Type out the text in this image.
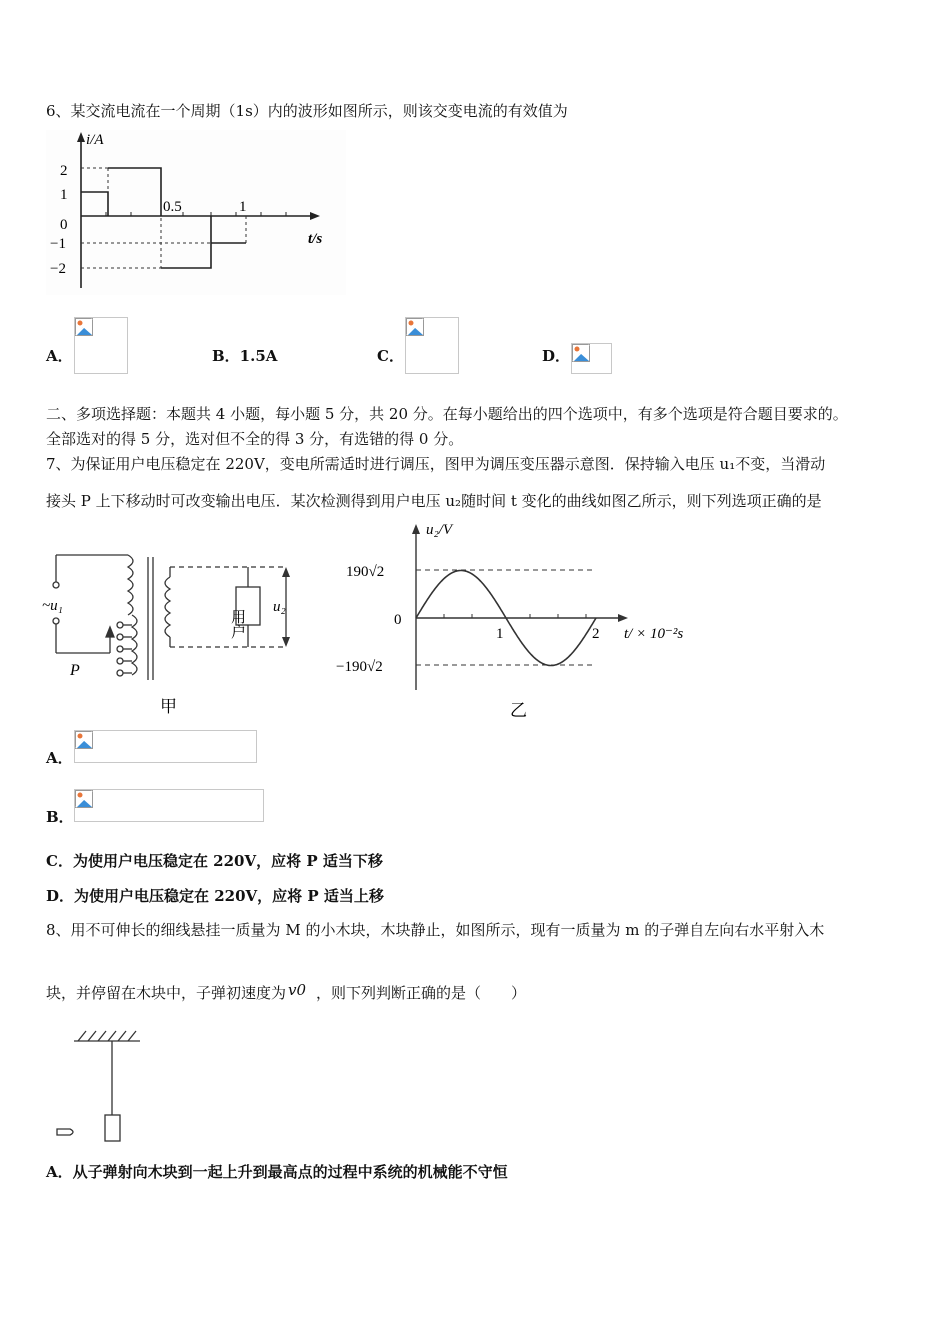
6、某交流电流在一个周期（1s）内的波形如图所示，则该交变电流的有效值为
i/A
2
1
0
−1
−2
0.5	1
t/s
A．	B．1.5A	C．	D．
二、多项选择题：本题共 4 小题，每小题 5 分，共 20 分。在每小题给出的四个选项中，有多个选项是符合题目要求的。
全部选对的得 5 分，选对但不全的得 3 分，有选错的得 0 分。
7、为保证用户电压稳定在 220V，变电所需适时进行调压，图甲为调压变压器示意图．保持输入电压 u₁不变，当滑动
接头 P 上下移动时可改变输出电压．某次检测得到用户电压 u₂随时间 t 变化的曲线如图乙所示，则下列选项正确的是
~u₁
P
用户
u₂
甲
u₂/V
190√2
0
−190√2
1	2 t/ × 10⁻²s
乙
A．
B．
C．为使用户电压稳定在 220V，应将 P 适当下移
D．为使用户电压稳定在 220V，应将 P 适当上移
8、用不可伸长的细线悬挂一质量为 M 的小木块，木块静止，如图所示，现有一质量为 m 的子弹自左向右水平射入木
块，并停留在木块中，子弹初速度为 v0 ，则下列判断正确的是（　　）
A．从子弹射向木块到一起上升到最高点的过程中系统的机械能不守恒
